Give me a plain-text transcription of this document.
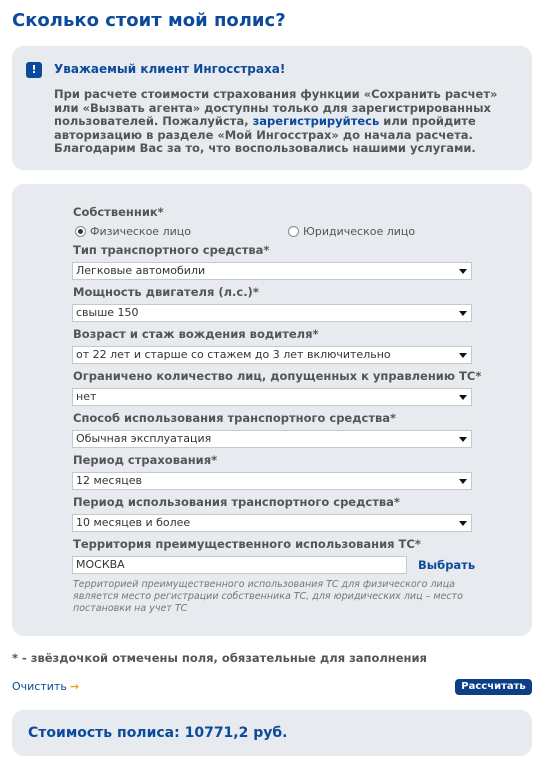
Сколько стоит мой полис?
!	Уважаемый клиент Ингосстраха!
При расчете стоимости страхования функции «Сохранить расчет» или «Вызвать агента» доступны только для зарегистрированных пользователей. Пожалуйста, зарегистрируйтесь или пройдите авторизацию в разделе «Мой Ингосстрах» до начала расчета. Благодарим Вас за то, что воспользовались нашими услугами.
Собственник*
Физическое лицо	Юридическое лицо
Тип транспортного средства*
Легковые автомобили
Мощность двигателя (л.с.)*
свыше 150
Возраст и стаж вождения водителя*
от 22 лет и старше со стажем до 3 лет включительно
Ограничено количество лиц, допущенных к управлению ТС*
нет
Способ использования транспортного средства*
Обычная эксплуатация
Период страхования*
12 месяцев
Период использования транспортного средства*
10 месяцев и более
Территория преимущественного использования ТС*
МОСКВА	Выбрать
Территорией преимущественного использования ТС для физического лица является место регистрации собственника ТС, для юридических лиц – место постановки на учет ТС
* - звёздочкой отмечены поля, обязательные для заполнения
Очистить →	Рассчитать
Стоимость полиса: 10771,2 руб.
